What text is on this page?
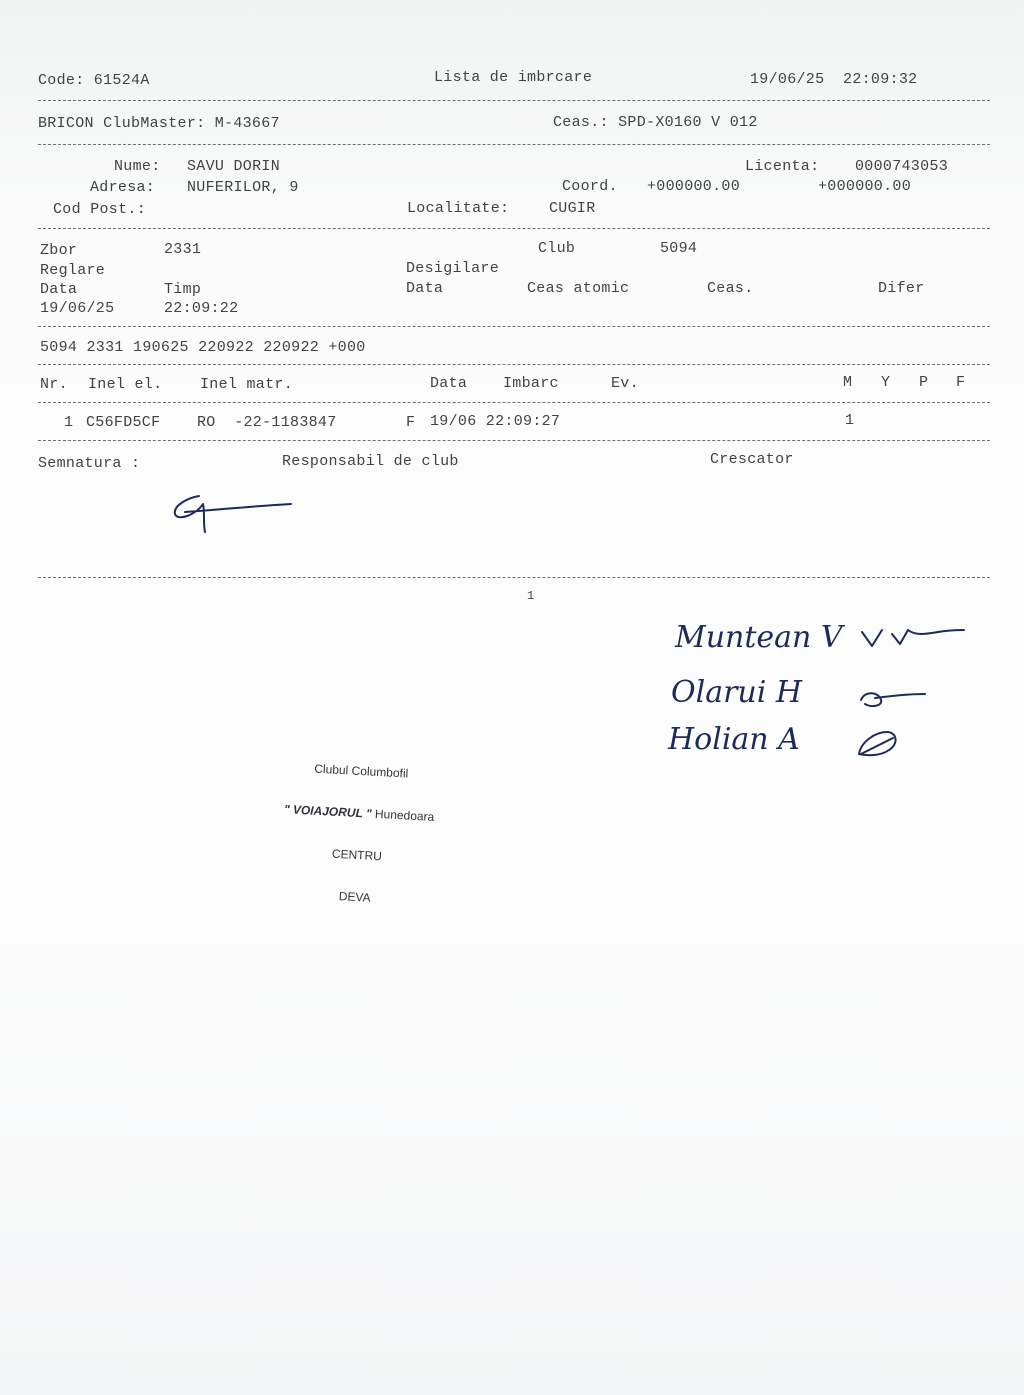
Code: 61524A	Lista de imbrcare	19/06/25  22:09:32
BRICON ClubMaster: M-43667	Ceas.: SPD-X0160 V 012
Nume: SAVU DORIN	Licenta: 0000743053
Adresa: NUFERILOR, 9	Coord. +000000.00	+000000.00
Cod Post.:	Localitate:	CUGIR
Zbor	2331	Club	5094
Reglare	Desigilare
Data	Timp	Data	Ceas atomic	Ceas.	Difer
19/06/25	22:09:22
5094 2331 190625 220922 220922 +000
Nr. Inel el.	Inel matr.	Data Imbarc	Ev.	M Y P F
1 C56FD5CF RO  -22-1183847	F 19/06 22:09:27	1
Semnatura :	Responsabil de club	Crescator
1
Muntean V
Olarui H
Holian A

Clubul Columbofil

" VOIAJORUL " Hunedoara

CENTRU

DEVA
